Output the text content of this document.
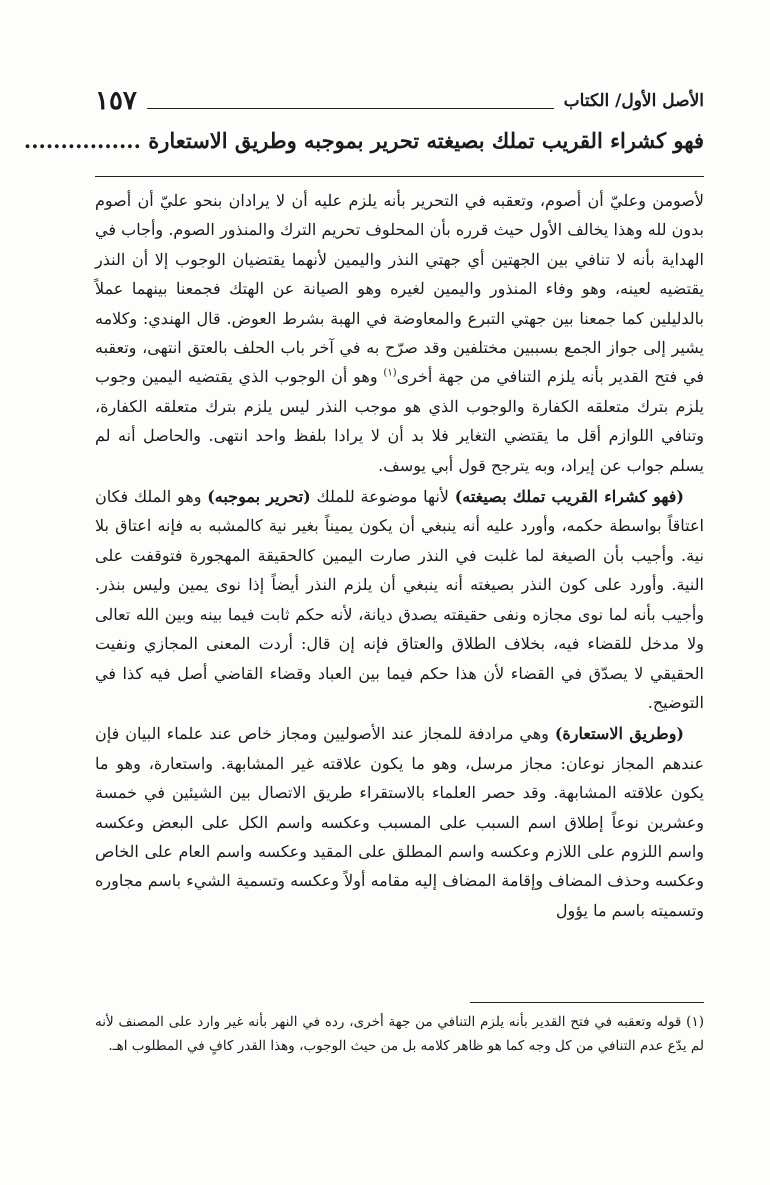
الأصل الأول/ الكتاب
١٥٧
فهو كشراء القريب تملك بصيغته تحرير بموجبه وطريق الاستعارة ................

لأصومن وعليّ أن أصوم، وتعقبه في التحرير بأنه يلزم عليه أن لا يرادان بنحو عليّ أن أصوم بدون لله وهذا يخالف الأول حيث قرره بأن المحلوف تحريم الترك والمنذور الصوم. وأجاب في الهداية بأنه لا تنافي بين الجهتين أي جهتي النذر واليمين لأنهما يقتضيان الوجوب إلا أن النذر يقتضيه لعينه، وهو وفاء المنذور واليمين لغيره وهو الصيانة عن الهتك فجمعنا بينهما عملاً بالدليلين كما جمعنا بين جهتي التبرع والمعاوضة في الهبة بشرط العوض. قال الهندي: وكلامه يشير إلى جواز الجمع بسببين مختلفين وقد صرّح به في آخر باب الحلف بالعتق انتهى، وتعقبه في فتح القدير بأنه يلزم التنافي من جهة أخرى$^{(١)}$ وهو أن الوجوب الذي يقتضيه اليمين وجوب يلزم بترك متعلقه الكفارة والوجوب الذي هو موجب النذر ليس يلزم بترك متعلقه الكفارة، وتنافي اللوازم أقل ما يقتضي التغاير فلا بد أن لا يرادا بلفظ واحد انتهى. والحاصل أنه لم يسلم جواب عن إيراد، وبه يترجح قول أبي يوسف.

(فهو كشراء القريب تملك بصيغته) لأنها موضوعة للملك (تحرير بموجبه) وهو الملك فكان اعتاقاً بواسطة حكمه، وأورد عليه أنه ينبغي أن يكون يميناً بغير نية كالمشبه به فإنه اعتاق بلا نية. وأجيب بأن الصيغة لما غلبت في النذر صارت اليمين كالحقيقة المهجورة فتوقفت على النية. وأورد على كون النذر بصيغته أنه ينبغي أن يلزم النذر أيضاً إذا نوى يمين وليس بنذر. وأجيب بأنه لما نوى مجازه ونفى حقيقته يصدق ديانة، لأنه حكم ثابت فيما بينه وبين الله تعالى ولا مدخل للقضاء فيه، بخلاف الطلاق والعتاق فإنه إن قال: أردت المعنى المجازي ونفيت الحقيقي لا يصدّق في القضاء لأن هذا حكم فيما بين العباد وقضاء القاضي أصل فيه كذا في التوضيح.

(وطريق الاستعارة) وهي مرادفة للمجاز عند الأصوليين ومجاز خاص عند علماء البيان فإن عندهم المجاز نوعان: مجاز مرسل، وهو ما يكون علاقته غير المشابهة. واستعارة، وهو ما يكون علاقته المشابهة. وقد حصر العلماء بالاستقراء طريق الاتصال بين الشيئين في خمسة وعشرين نوعاً إطلاق اسم السبب على المسبب وعكسه واسم الكل على البعض وعكسه واسم اللزوم على اللازم وعكسه واسم المطلق على المقيد وعكسه واسم العام على الخاص وعكسه وحذف المضاف وإقامة المضاف إليه مقامه أولاً وعكسه وتسمية الشيء باسم مجاوره وتسميته باسم ما يؤول

(١) قوله وتعقبه في فتح القدير بأنه يلزم التنافي من جهة أخرى، رده في النهر بأنه غير وارد على المصنف لأنه لم يدّع عدم التنافي من كل وجه كما هو ظاهر كلامه بل من حيث الوجوب، وهذا القدر كافٍ في المطلوب اهـ.
